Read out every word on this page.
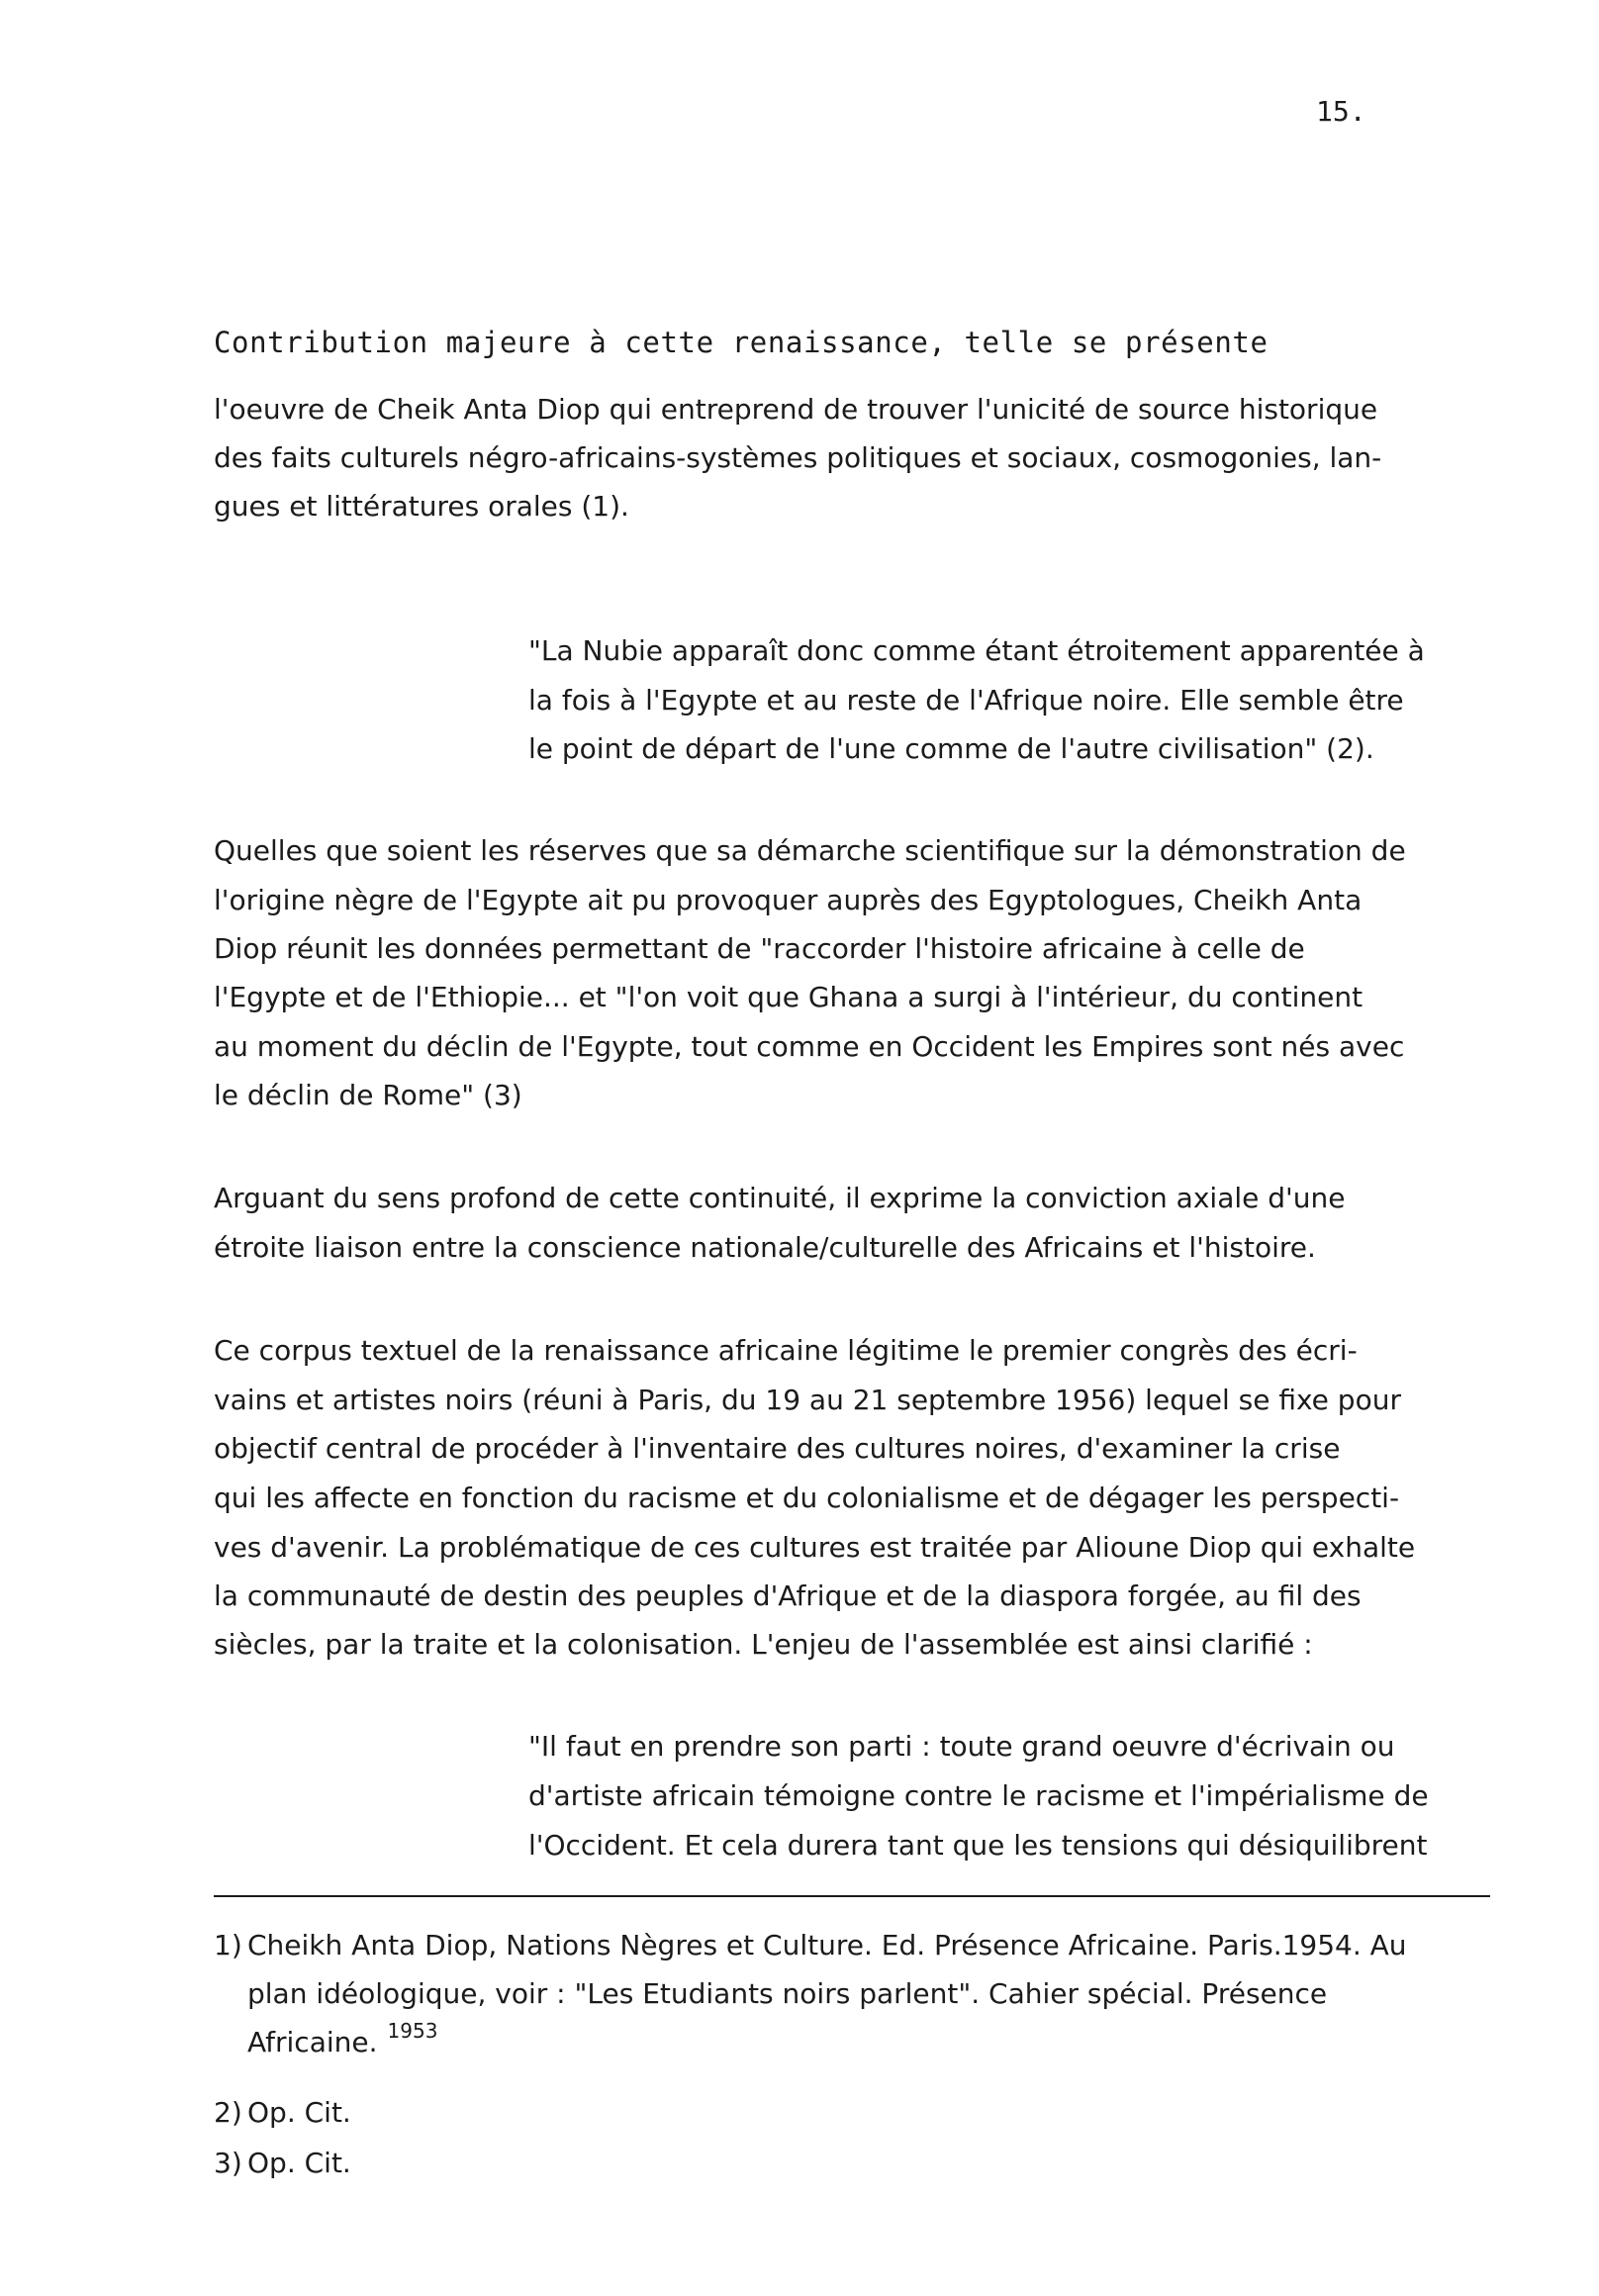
15.
Contribution majeure à cette renaissance, telle se présente
l'oeuvre de Cheik Anta Diop qui entreprend de trouver l'unicité de source historique
des faits culturels négro-africains-systèmes politiques et sociaux, cosmogonies, lan-
gues et littératures orales (1).
"La Nubie apparaît donc comme étant étroitement apparentée à
la fois à l'Egypte et au reste de l'Afrique noire. Elle semble être
le point de départ de l'une comme de l'autre civilisation" (2).
Quelles que soient les réserves que sa démarche scientifique sur la démonstration de
l'origine nègre de l'Egypte ait pu provoquer auprès des Egyptologues, Cheikh Anta
Diop réunit les données permettant de "raccorder l'histoire africaine à celle de
l'Egypte et de l'Ethiopie... et "l'on voit que Ghana a surgi à l'intérieur, du continent
au moment du déclin de l'Egypte, tout comme en Occident les Empires sont nés avec
le déclin de Rome" (3)
Arguant du sens profond de cette continuité, il exprime la conviction axiale d'une
étroite liaison entre la conscience nationale/culturelle des Africains et l'histoire.
Ce corpus textuel de la renaissance africaine légitime le premier congrès des écri-
vains et artistes noirs (réuni à Paris, du 19 au 21 septembre 1956) lequel se fixe pour
objectif central de procéder à l'inventaire des cultures noires, d'examiner la crise
qui les affecte en fonction du racisme et du colonialisme et de dégager les perspecti-
ves d'avenir. La problématique de ces cultures est traitée par Alioune Diop qui exhalte
la communauté de destin des peuples d'Afrique et de la diaspora forgée, au fil des
siècles, par la traite et la colonisation. L'enjeu de l'assemblée est ainsi clarifié :
"Il faut en prendre son parti : toute grand oeuvre d'écrivain ou
d'artiste africain témoigne contre le racisme et l'impérialisme de
l'Occident. Et cela durera tant que les tensions qui désiquilibrent
1) Cheikh Anta Diop, Nations Nègres et Culture. Ed. Présence Africaine. Paris.1954. Au
plan idéologique, voir : "Les Etudiants noirs parlent". Cahier spécial. Présence
Africaine. $^{1953}$
2) Op. Cit.
3) Op. Cit.
